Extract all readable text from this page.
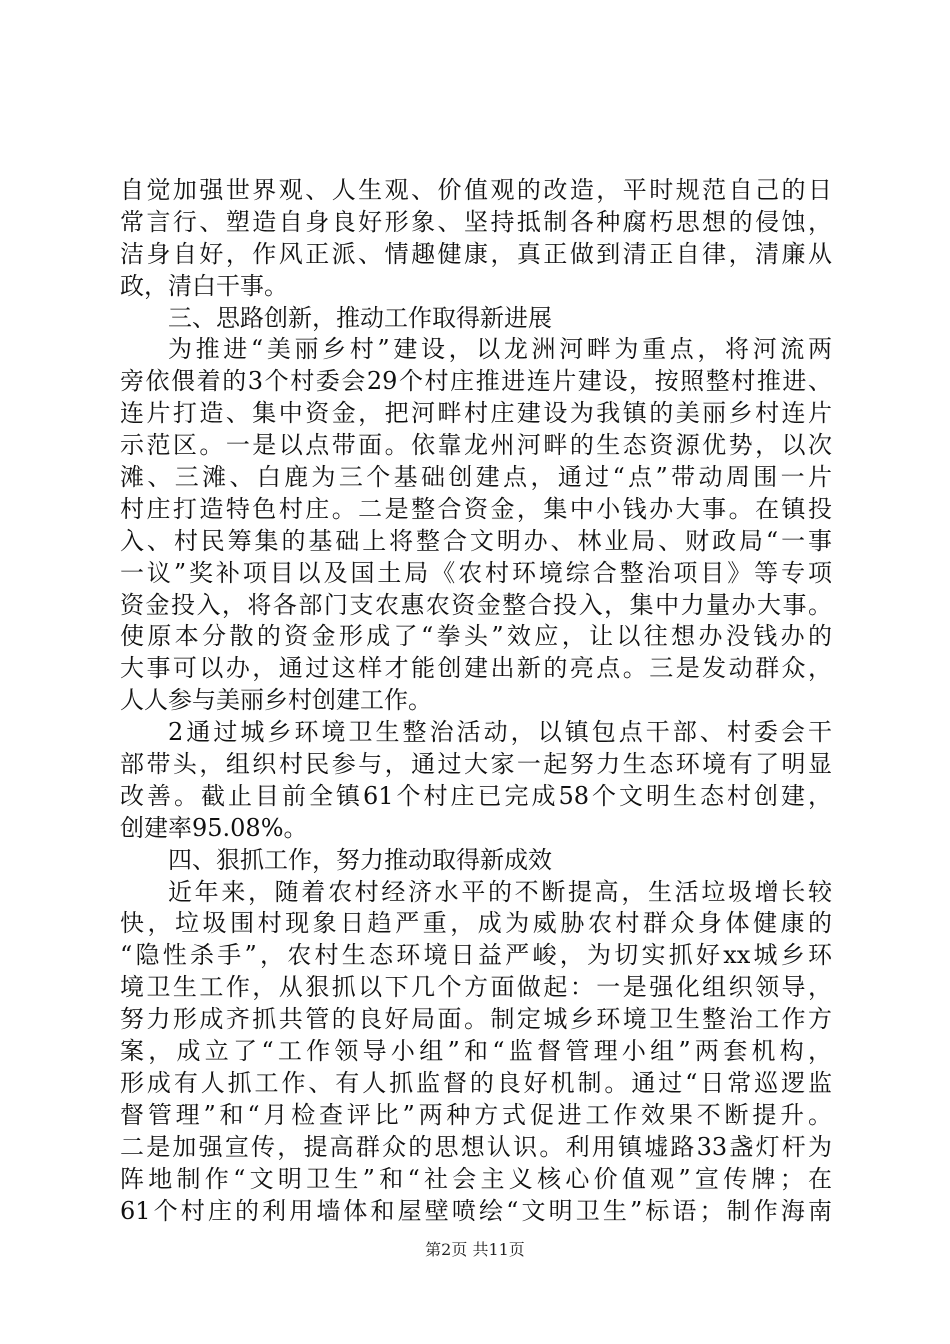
自觉加强世界观、人生观、价值观的改造，平时规范自己的日
常言行、塑造自身良好形象、坚持抵制各种腐朽思想的侵蚀，
洁身自好，作风正派、情趣健康，真正做到清正自律，清廉从
政，清白干事。
三、思路创新，推动工作取得新进展
为推进“美丽乡村”建设，以龙洲河畔为重点，将河流两
旁依偎着的3个村委会29个村庄推进连片建设，按照整村推进、
连片打造、集中资金，把河畔村庄建设为我镇的美丽乡村连片
示范区。一是以点带面。依靠龙州河畔的生态资源优势，以次
滩、三滩、白鹿为三个基础创建点，通过“点”带动周围一片
村庄打造特色村庄。二是整合资金，集中小钱办大事。在镇投
入、村民筹集的基础上将整合文明办、林业局、财政局“一事
一议”奖补项目以及国土局《农村环境综合整治项目》等专项
资金投入，将各部门支农惠农资金整合投入，集中力量办大事。
使原本分散的资金形成了“拳头”效应，让以往想办没钱办的
大事可以办，通过这样才能创建出新的亮点。三是发动群众，
人人参与美丽乡村创建工作。
2通过城乡环境卫生整治活动，以镇包点干部、村委会干
部带头，组织村民参与，通过大家一起努力生态环境有了明显
改善。截止目前全镇61个村庄已完成58个文明生态村创建，
创建率95.08%。
四、狠抓工作，努力推动取得新成效
近年来，随着农村经济水平的不断提高，生活垃圾增长较
快，垃圾围村现象日趋严重，成为威胁农村群众身体健康的
“隐性杀手”，农村生态环境日益严峻，为切实抓好xx城乡环
境卫生工作，从狠抓以下几个方面做起：一是强化组织领导，
努力形成齐抓共管的良好局面。制定城乡环境卫生整治工作方
案，成立了“工作领导小组”和“监督管理小组”两套机构，
形成有人抓工作、有人抓监督的良好机制。通过“日常巡逻监
督管理”和“月检查评比”两种方式促进工作效果不断提升。
二是加强宣传，提高群众的思想认识。利用镇墟路33盏灯杆为
阵地制作“文明卫生”和“社会主义核心价值观”宣传牌；在
61个村庄的利用墙体和屋壁喷绘“文明卫生”标语；制作海南
第2页 共11页
